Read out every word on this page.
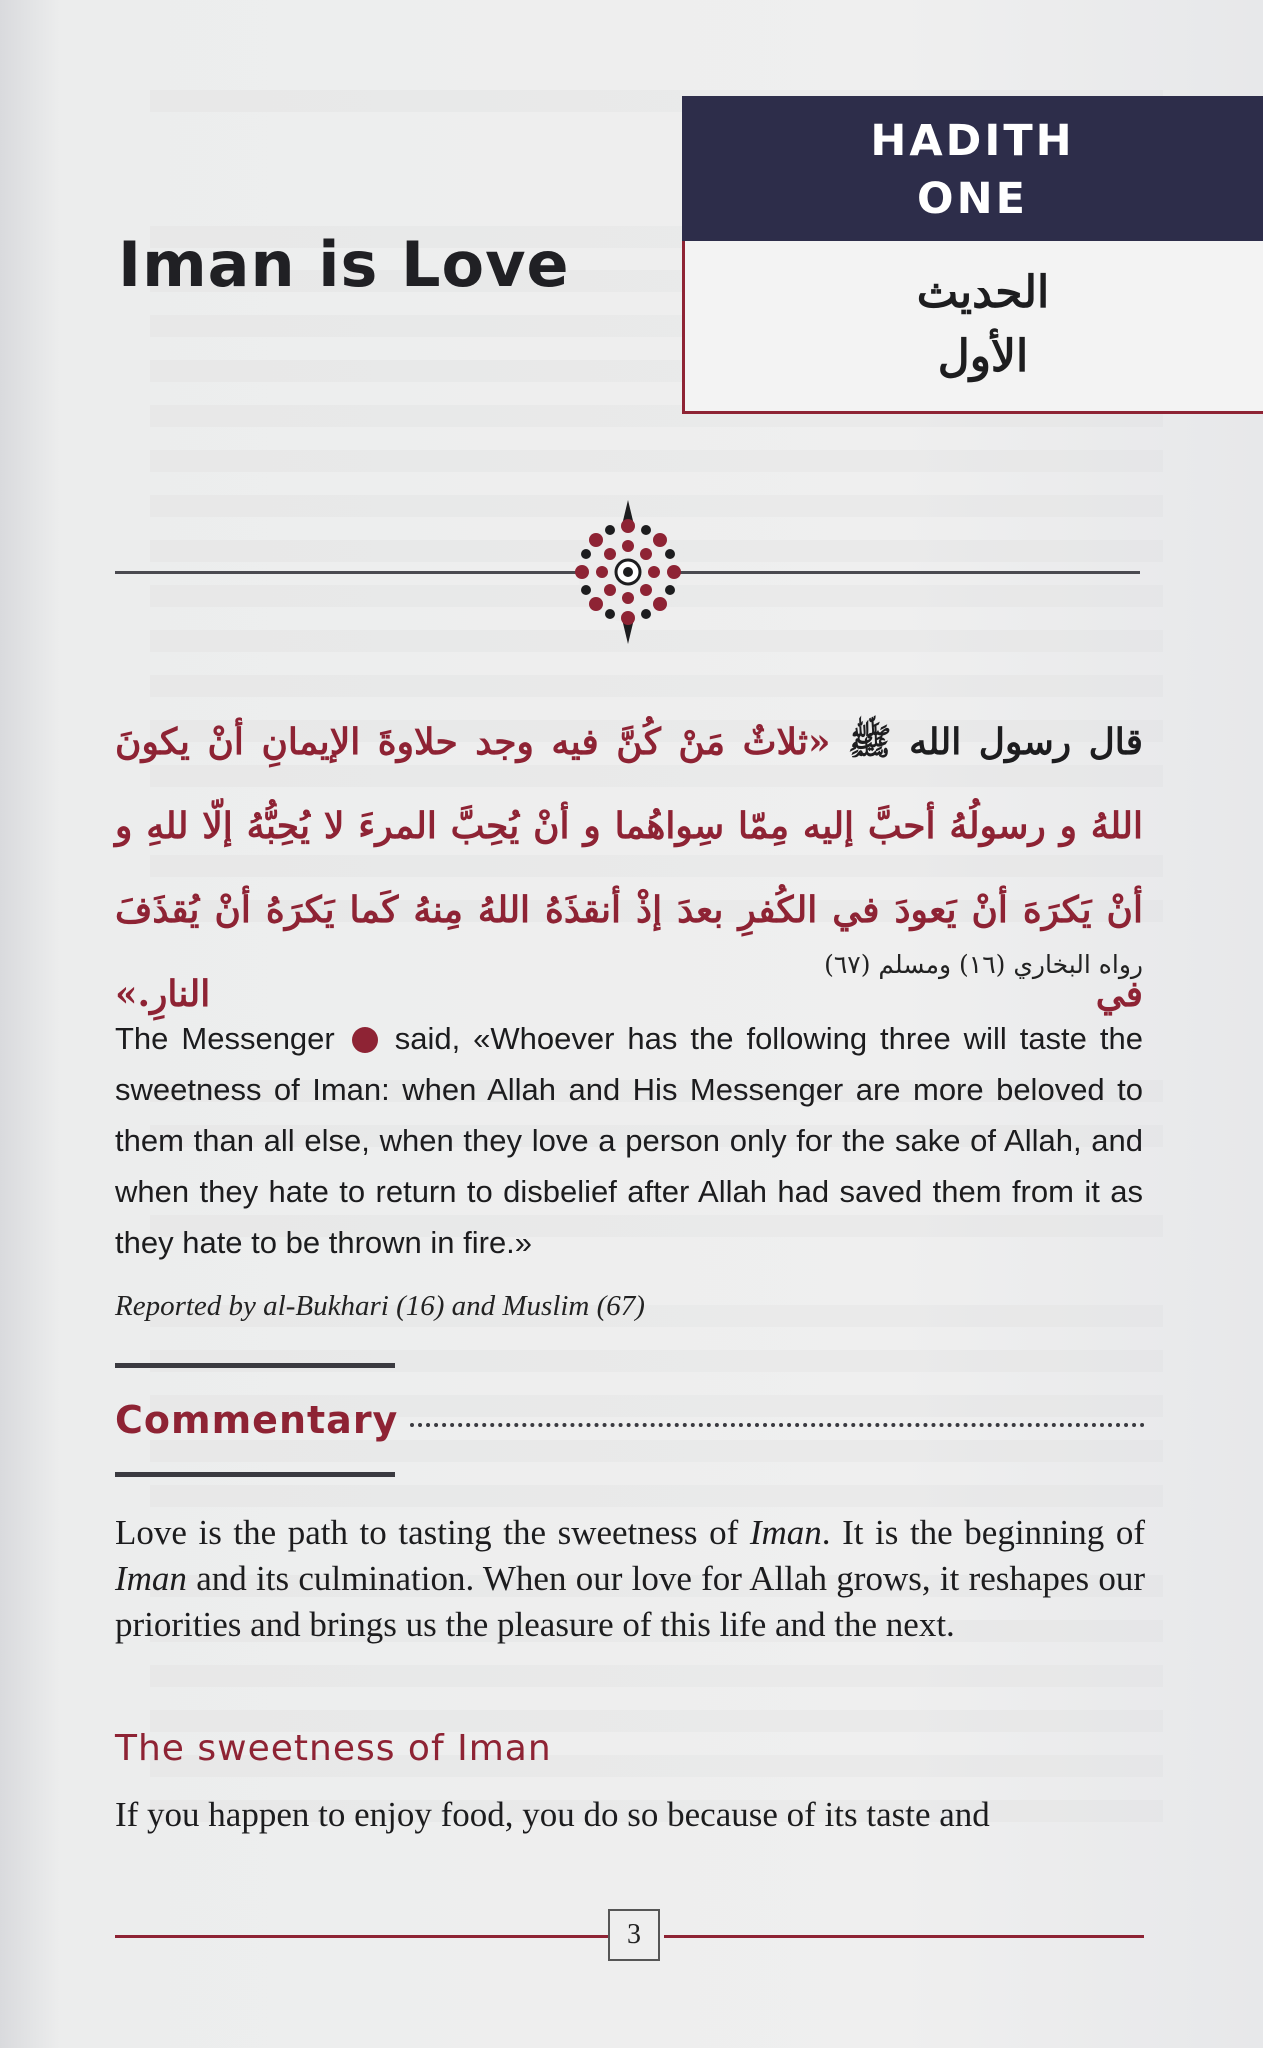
HADITH
ONE
الحديث
الأول
Iman is Love
قال رسول الله ﷺ «ثلاثٌ مَنْ كُنَّ فيه وجد حلاوةَ الإيمانِ أنْ يكونَ اللهُ و رسولُهُ أحبَّ إليه مِمّا سِواهُما و أنْ يُحِبَّ المرءَ لا يُحِبُّهُ إلّا للهِ و أنْ يَكرَهَ أنْ يَعودَ في الكُفرِ بعدَ إذْ أنقذَهُ اللهُ مِنهُ كَما يَكرَهُ أنْ يُقذَفَ في النارِ.»
رواه البخاري (١٦) ومسلم (٦٧)
The Messenger said, «Whoever has the following three will taste the sweetness of Iman: when Allah and His Messenger are more beloved to them than all else, when they love a person only for the sake of Allah, and when they hate to return to disbelief after Allah had saved them from it as they hate to be thrown in fire.»
Reported by al-Bukhari (16) and Muslim (67)
Commentary

Love is the path to tasting the sweetness of Iman. It is the beginning of Iman and its culmination. When our love for Allah grows, it reshapes our priorities and brings us the pleasure of this life and the next.

The sweetness of Iman

If you happen to enjoy food, you do so because of its taste and

3
